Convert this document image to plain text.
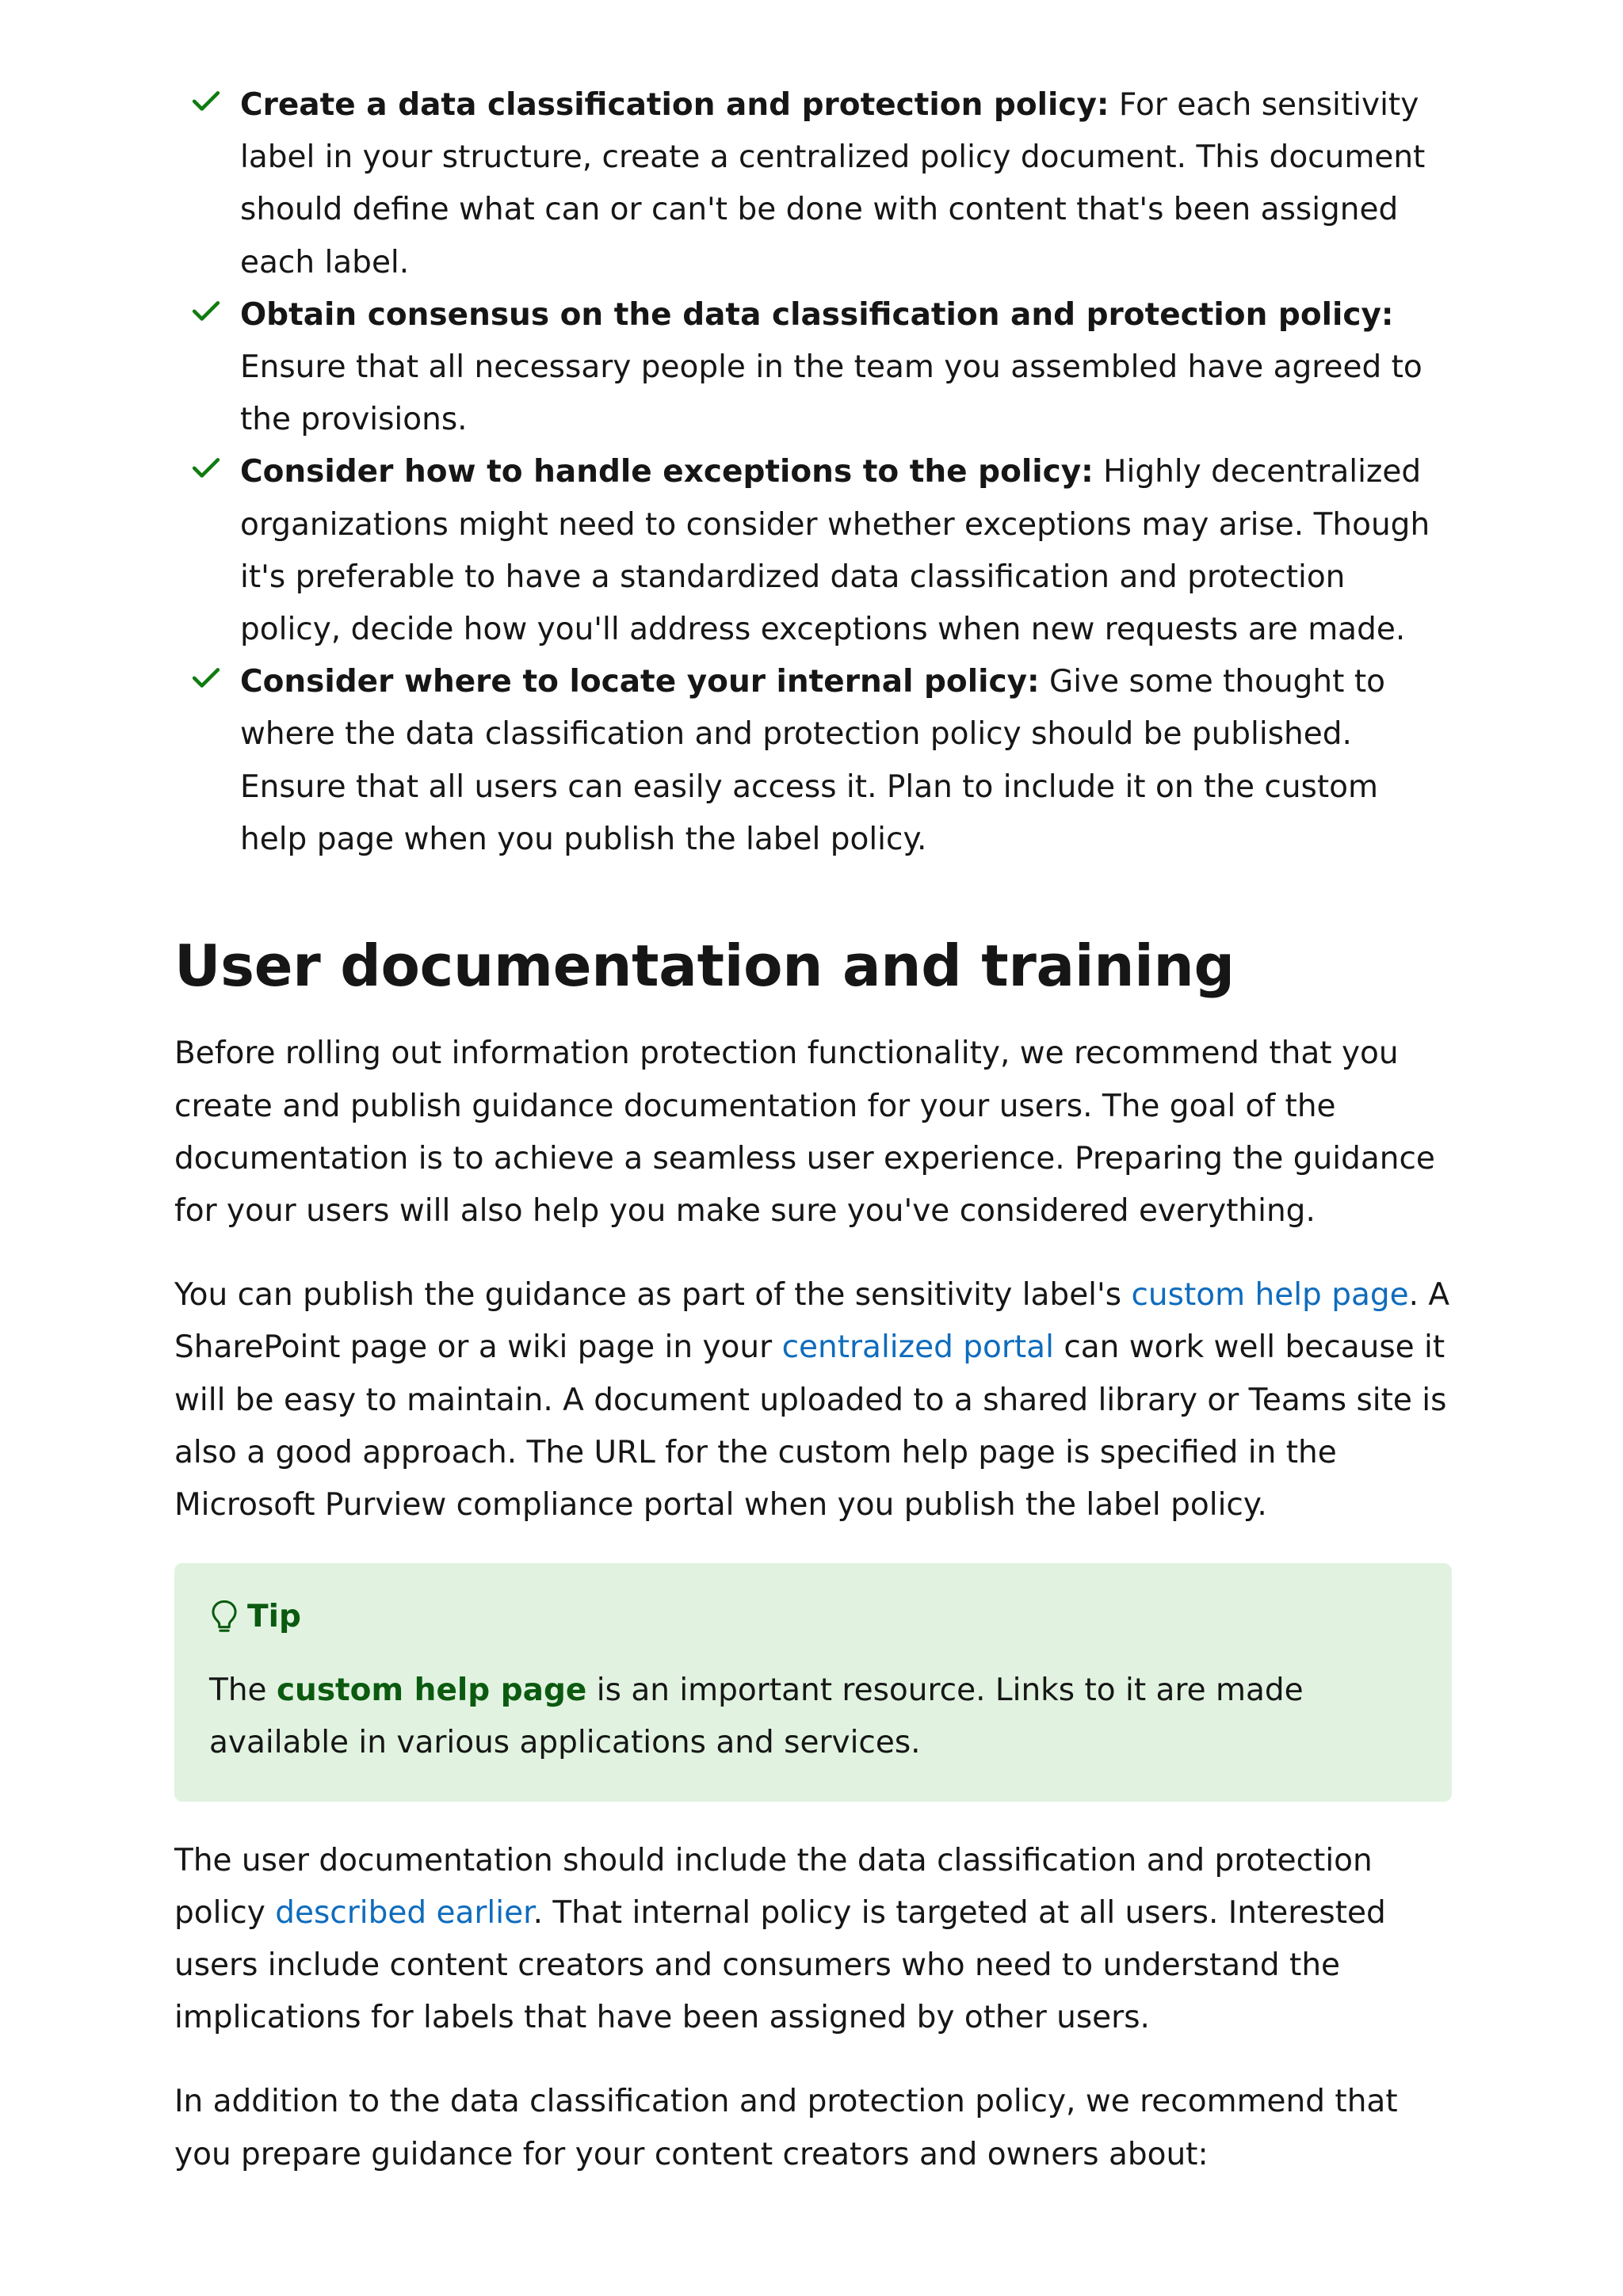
Create a data classification and protection policy: For each sensitivity label in your structure, create a centralized policy document. This document should define what can or can't be done with content that's been assigned each label.
Obtain consensus on the data classification and protection policy: Ensure that all necessary people in the team you assembled have agreed to the provisions.
Consider how to handle exceptions to the policy: Highly decentralized organizations might need to consider whether exceptions may arise. Though it's preferable to have a standardized data classification and protection policy, decide how you'll address exceptions when new requests are made.
Consider where to locate your internal policy: Give some thought to where the data classification and protection policy should be published. Ensure that all users can easily access it. Plan to include it on the custom help page when you publish the label policy.
User documentation and training

Before rolling out information protection functionality, we recommend that you create and publish guidance documentation for your users. The goal of the documentation is to achieve a seamless user experience. Preparing the guidance for your users will also help you make sure you've considered everything.

You can publish the guidance as part of the sensitivity label's custom help page. A SharePoint page or a wiki page in your centralized portal can work well because it will be easy to maintain. A document uploaded to a shared library or Teams site is also a good approach. The URL for the custom help page is specified in the Microsoft Purview compliance portal when you publish the label policy.

Tip

The custom help page is an important resource. Links to it are made available in various applications and services.

The user documentation should include the data classification and protection policy described earlier. That internal policy is targeted at all users. Interested users include content creators and consumers who need to understand the implications for labels that have been assigned by other users.

In addition to the data classification and protection policy, we recommend that you prepare guidance for your content creators and owners about:
